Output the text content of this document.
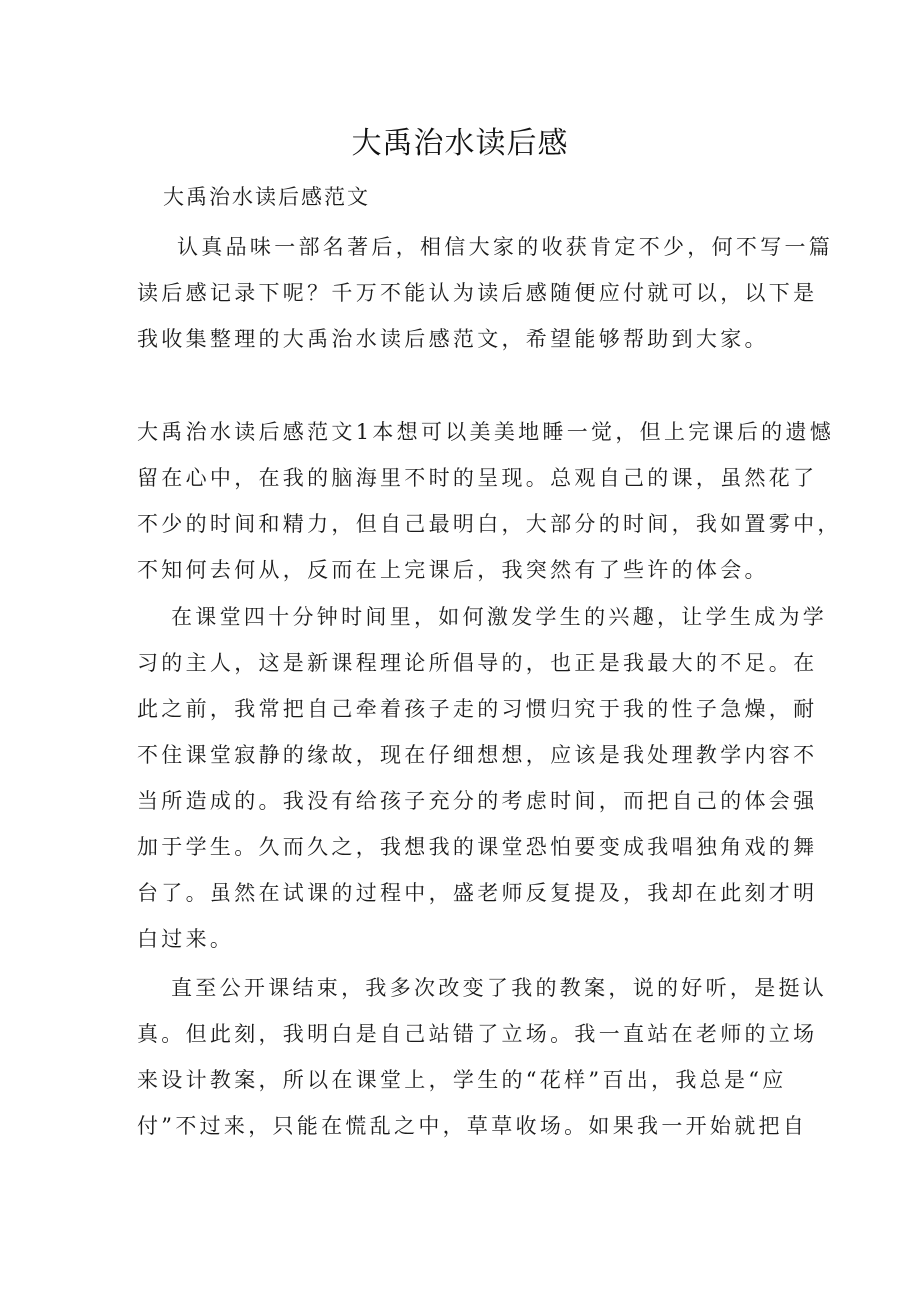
大禹治水读后感
大禹治水读后感范文
认真品味一部名著后，相信大家的收获肯定不少，何不写一篇
读后感记录下呢？千万不能认为读后感随便应付就可以，以下是
我收集整理的大禹治水读后感范文，希望能够帮助到大家。
大禹治水读后感范文1本想可以美美地睡一觉，但上完课后的遗憾
留在心中，在我的脑海里不时的呈现。总观自己的课，虽然花了
不少的时间和精力，但自己最明白，大部分的时间，我如置雾中，
不知何去何从，反而在上完课后，我突然有了些许的体会。
在课堂四十分钟时间里，如何激发学生的兴趣，让学生成为学
习的主人，这是新课程理论所倡导的，也正是我最大的不足。在
此之前，我常把自己牵着孩子走的习惯归究于我的性子急燥，耐
不住课堂寂静的缘故，现在仔细想想，应该是我处理教学内容不
当所造成的。我没有给孩子充分的考虑时间，而把自己的体会强
加于学生。久而久之，我想我的课堂恐怕要变成我唱独角戏的舞
台了。虽然在试课的过程中，盛老师反复提及，我却在此刻才明
白过来。
直至公开课结束，我多次改变了我的教案，说的好听，是挺认
真。但此刻，我明白是自己站错了立场。我一直站在老师的立场
来设计教案，所以在课堂上，学生的“花样”百出，我总是“应
付”不过来，只能在慌乱之中，草草收场。如果我一开始就把自
